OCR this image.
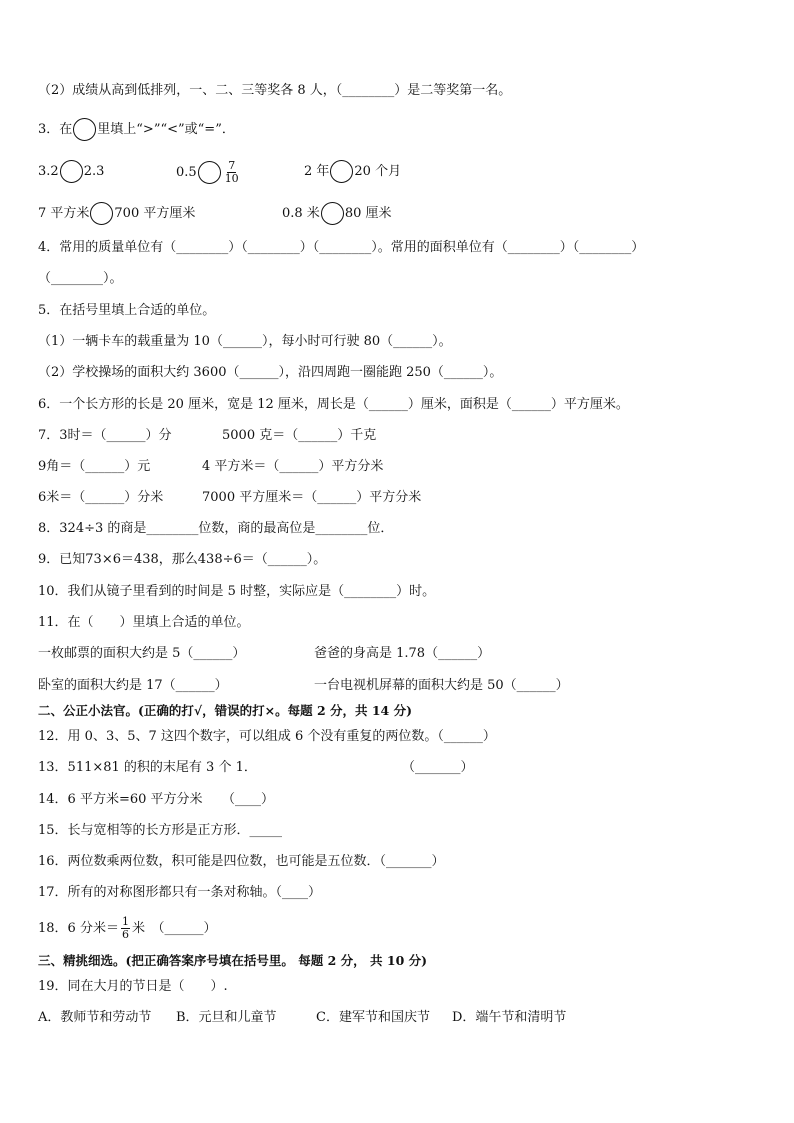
（2）成绩从高到低排列，一、二、三等奖各 8 人，（________）是二等奖第一名。
3．在 里填上“>”“<”或“=”．
3.2 2.3	$0.5 \frac{7}{10}$	2 年 20 个月
7 平方米 700 平方厘米	0.8 米 80 厘米
4．常用的质量单位有（________）（________）（________）。常用的面积单位有（________）（________）
（________）。
5．在括号里填上合适的单位。
（1）一辆卡车的载重量为 10（______），每小时可行驶 80（______）。
（2）学校操场的面积大约 3600（______），沿四周跑一圈能跑 250（______）。
6．一个长方形的长是 20 厘米，宽是 12 厘米，周长是（______）厘米，面积是（______）平方厘米。
7．3时＝（______）分	5000 克＝（______）千克
9角＝（______）元	4 平方米＝（______）平方分米
6米＝（______）分米	7000 平方厘米＝（______）平方分米
8．324÷3 的商是________位数，商的最高位是________位．
9．已知73×6＝438，那么438÷6＝（______）。
10．我们从镜子里看到的时间是 5 时整，实际应是（________）时。
11．在（　　）里填上合适的单位。
一枚邮票的面积大约是 5（______）	爸爸的身高是 1.78（______）
卧室的面积大约是 17（______）	一台电视机屏幕的面积大约是 50（______）
二、公正小法官。(正确的打√，错误的打×。每题 2 分，共 14 分)
12．用 0、3、5、7 这四个数字，可以组成 6 个没有重复的两位数。（______）
13．511×81 的积的末尾有 3 个 1．	（_______）
14．6 平方米=60 平方分米　　（____）
15．长与宽相等的长方形是正方形．_____
16．两位数乘两位数，积可能是四位数，也可能是五位数．（_______）
17．所有的对称图形都只有一条对称轴。（____）
18．6 分米＝ $\frac{1}{6}$ 米　（______）
三、精挑细选。(把正确答案序号填在括号里。 每题 2 分， 共 10 分)
19．同在大月的节日是（　　）.
A．教师节和劳动节 B．元旦和儿童节	C．建军节和国庆节 D．端午节和清明节
